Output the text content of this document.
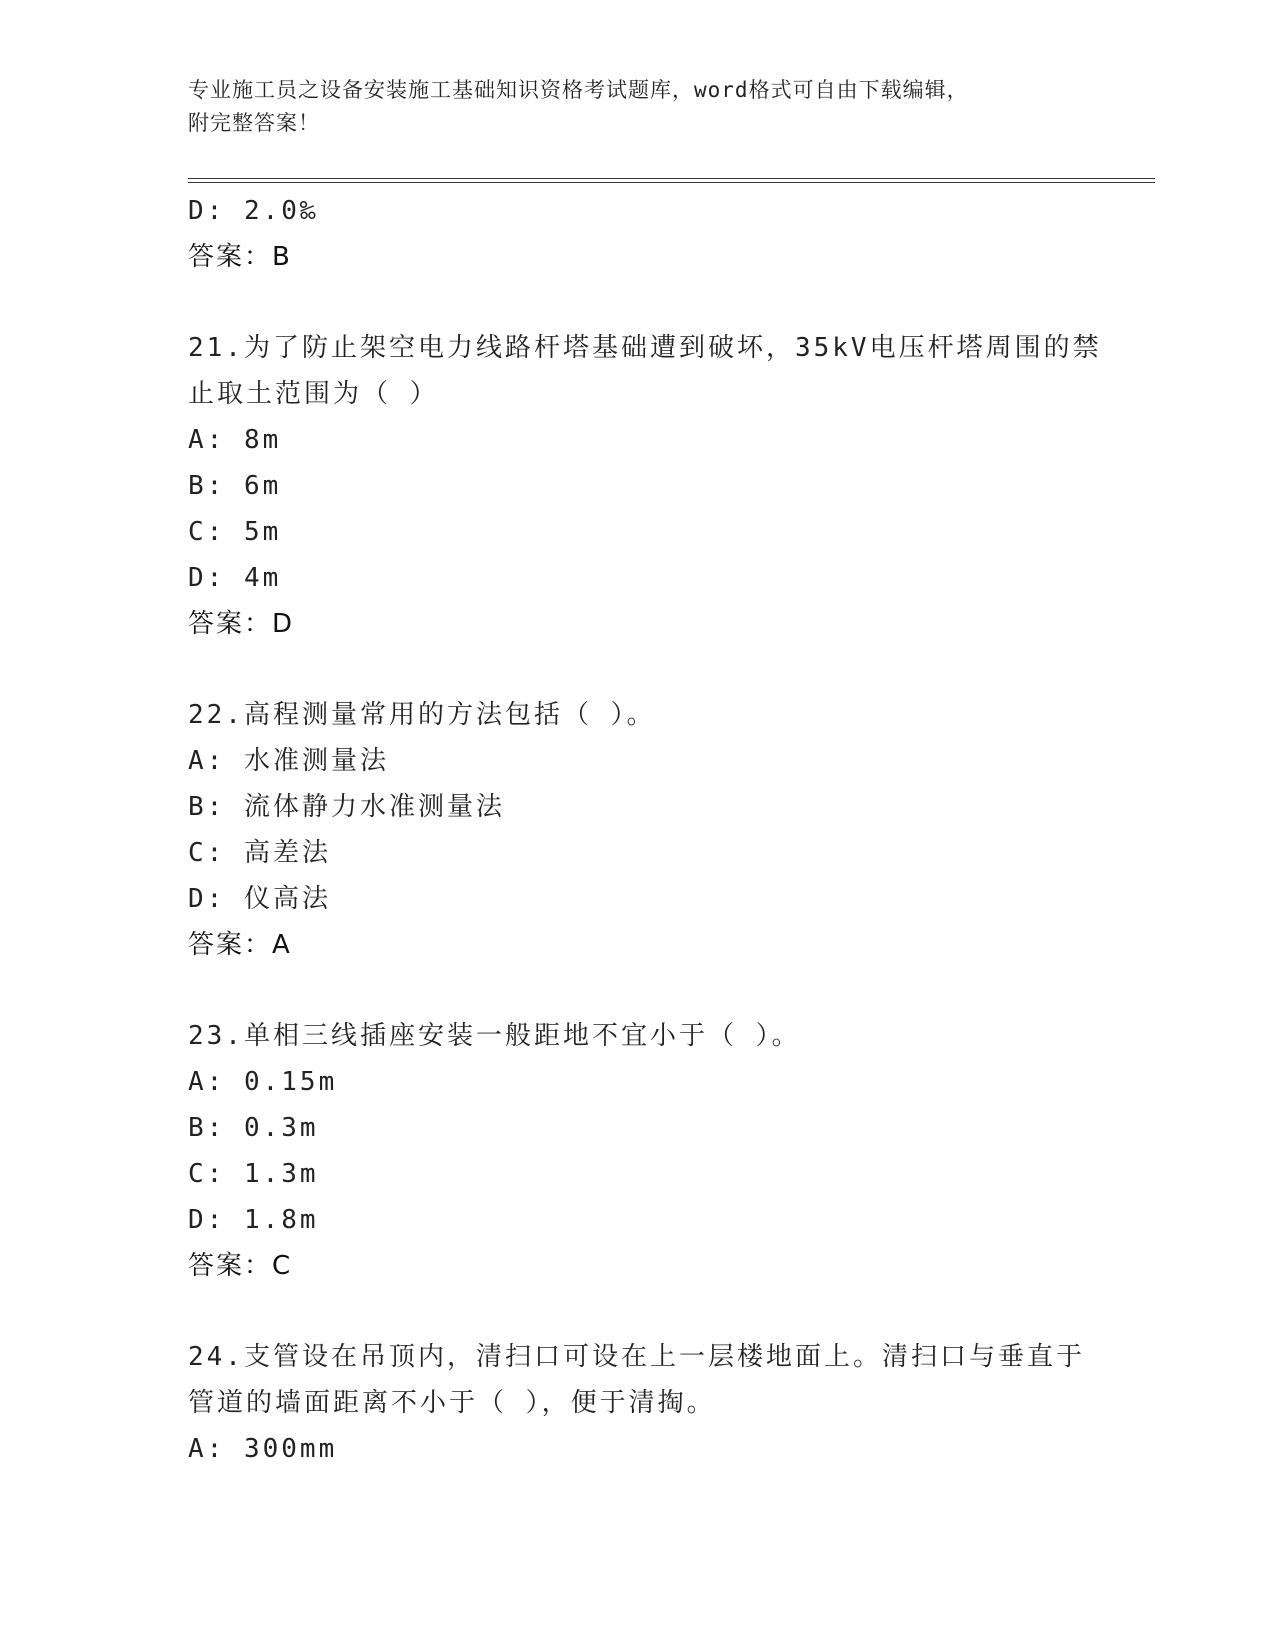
专业施工员之设备安装施工基础知识资格考试题库，word格式可自由下载编辑，
附完整答案！
D: 2.0‰
答案：B
21.为了防止架空电力线路杆塔基础遭到破坏，35kV电压杆塔周围的禁止取土范围为（ ）
A: 8m
B: 6m
C: 5m
D: 4m
答案：D
22.高程测量常用的方法包括（ ）。
A: 水准测量法
B: 流体静力水准测量法
C: 高差法
D: 仪高法
答案：A
23.单相三线插座安装一般距地不宜小于（ ）。
A: 0.15m
B: 0.3m
C: 1.3m
D: 1.8m
答案：C
24.支管设在吊顶内，清扫口可设在上一层楼地面上。清扫口与垂直于管道的墙面距离不小于（ ），便于清掏。
A: 300mm
